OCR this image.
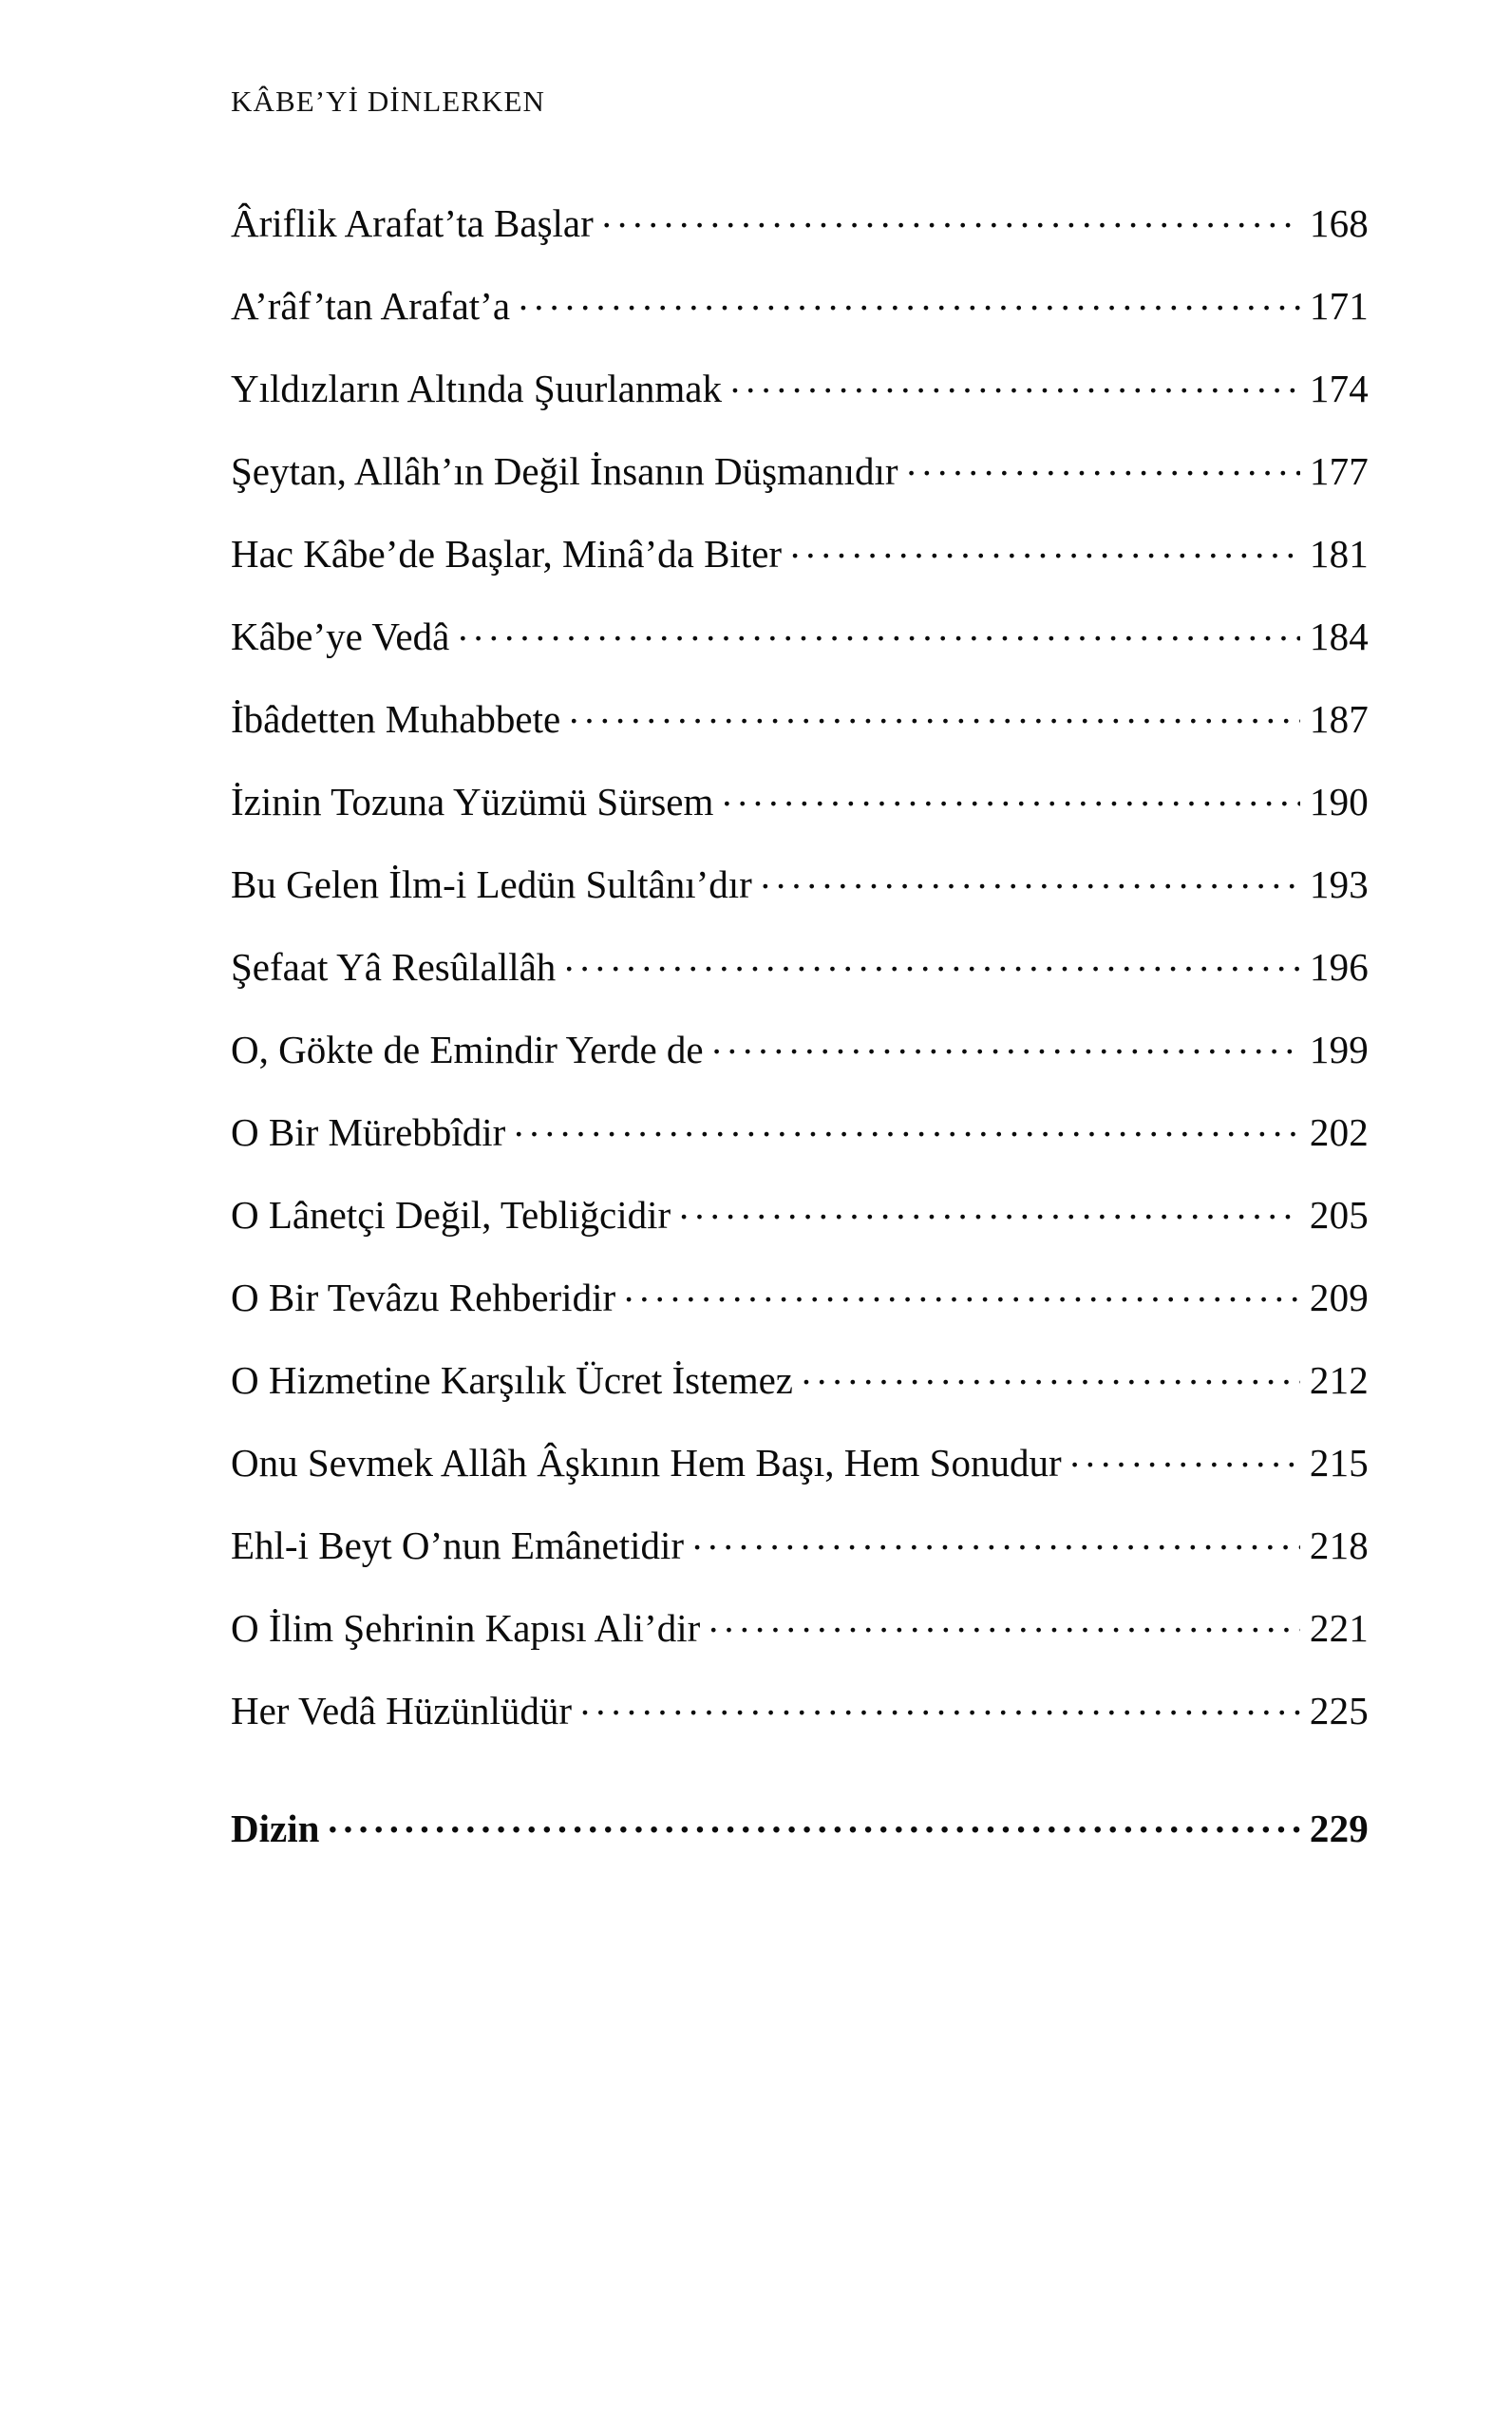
KÂBE’Yİ DİNLERKEN
Âriflik Arafat’ta Başlar .....	168
A’râf’tan Arafat’a .....	171
Yıldızların Altında Şuurlanmak .....	174
Şeytan, Allâh’ın Değil İnsanın Düşmanıdır .....	177
Hac Kâbe’de Başlar, Minâ’da Biter .....	181
Kâbe’ye Vedâ .....	184
İbâdetten Muhabbete .....	187
İzinin Tozuna Yüzümü Sürsem .....	190
Bu Gelen İlm-i Ledün Sultânı’dır .....	193
Şefaat Yâ Resûlallâh .....	196
O, Gökte de Emindir Yerde de .....	199
O Bir Mürebbîdir .....	202
O Lânetçi Değil, Tebliğcidir .....	205
O Bir Tevâzu Rehberidir .....	209
O Hizmetine Karşılık Ücret İstemez .....	212
Onu Sevmek Allâh Âşkının Hem Başı, Hem Sonudur .....	215
Ehl-i Beyt O’nun Emânetidir .....	218
O İlim Şehrinin Kapısı Ali’dir .....	221
Her Vedâ Hüzünlüdür .....	225
Dizin .....	229
